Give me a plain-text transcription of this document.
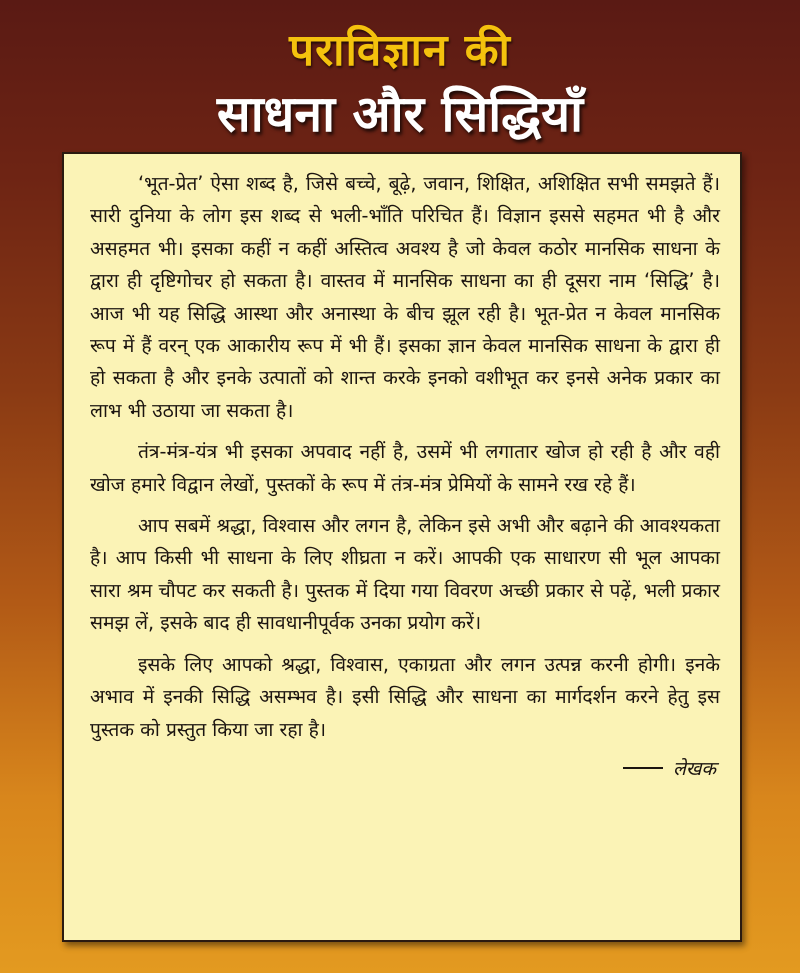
पराविज्ञान की
साधना और सिद्धियाँ

‘भूत-प्रेत’ ऐसा शब्द है, जिसे बच्चे, बूढ़े, जवान, शिक्षित, अशिक्षित सभी समझते हैं। सारी दुनिया के लोग इस शब्द से भली-भाँति परिचित हैं। विज्ञान इससे सहमत भी है और असहमत भी। इसका कहीं न कहीं अस्तित्व अवश्य है जो केवल कठोर मानसिक साधना के द्वारा ही दृष्टिगोचर हो सकता है। वास्तव में मानसिक साधना का ही दूसरा नाम ‘सिद्धि’ है। आज भी यह सिद्धि आस्था और अनास्था के बीच झूल रही है। भूत-प्रेत न केवल मानसिक रूप में हैं वरन् एक आकारीय रूप में भी हैं। इसका ज्ञान केवल मानसिक साधना के द्वारा ही हो सकता है और इनके उत्पातों को शान्त करके इनको वशीभूत कर इनसे अनेक प्रकार का लाभ भी उठाया जा सकता है।

तंत्र-मंत्र-यंत्र भी इसका अपवाद नहीं है, उसमें भी लगातार खोज हो रही है और वही खोज हमारे विद्वान लेखों, पुस्तकों के रूप में तंत्र-मंत्र प्रेमियों के सामने रख रहे हैं।

आप सबमें श्रद्धा, विश्वास और लगन है, लेकिन इसे अभी और बढ़ाने की आवश्यकता है। आप किसी भी साधना के लिए शीघ्रता न करें। आपकी एक साधारण सी भूल आपका सारा श्रम चौपट कर सकती है। पुस्तक में दिया गया विवरण अच्छी प्रकार से पढ़ें, भली प्रकार समझ लें, इसके बाद ही सावधानीपूर्वक उनका प्रयोग करें।

इसके लिए आपको श्रद्धा, विश्वास, एकाग्रता और लगन उत्पन्न करनी होगी। इनके अभाव में इनकी सिद्धि असम्भव है। इसी सिद्धि और साधना का मार्गदर्शन करने हेतु इस पुस्तक को प्रस्तुत किया जा रहा है।

लेखक
